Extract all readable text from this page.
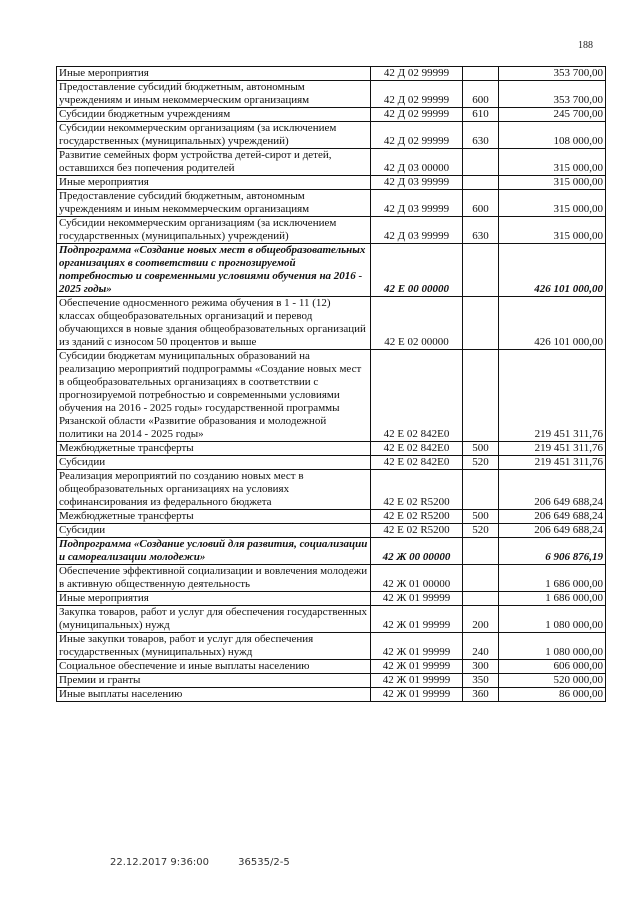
188
Иные мероприятия	42 Д 02 99999		353 700,00
Предоставление субсидий бюджетным, автономным учреждениям и иным некоммерческим организациям	42 Д 02 99999	600	353 700,00
Субсидии бюджетным учреждениям	42 Д 02 99999	610	245 700,00
Субсидии некоммерческим организациям (за исключением государственных (муниципальных) учреждений)	42 Д 02 99999	630	108 000,00
Развитие семейных форм устройства детей-сирот и детей, оставшихся без попечения родителей	42 Д 03 00000		315 000,00
Иные мероприятия	42 Д 03 99999		315 000,00
Предоставление субсидий бюджетным, автономным учреждениям и иным некоммерческим организациям	42 Д 03 99999	600	315 000,00
Субсидии некоммерческим организациям (за исключением государственных (муниципальных) учреждений)	42 Д 03 99999	630	315 000,00
Подпрограмма «Создание новых мест в общеобразовательных организациях в соответствии с прогнозируемой потребностью и современными условиями обучения на 2016 - 2025 годы»	42 Е 00 00000		426 101 000,00
Обеспечение односменного режима обучения в 1 - 11 (12) классах общеобразовательных организаций и перевод обучающихся в новые здания общеобразовательных организаций из зданий с износом 50 процентов и выше	42 Е 02 00000		426 101 000,00
Субсидии бюджетам муниципальных образований на реализацию мероприятий подпрограммы «Создание новых мест в общеобразовательных организациях в соответствии с прогнозируемой потребностью и современными условиями обучения на 2016 - 2025 годы» государственной программы Рязанской области «Развитие образования и молодежной политики на 2014 - 2025 годы»	42 Е 02 842Е0		219 451 311,76
Межбюджетные трансферты	42 Е 02 842Е0	500	219 451 311,76
Субсидии	42 Е 02 842Е0	520	219 451 311,76
Реализация мероприятий по созданию новых мест в общеобразовательных организациях на условиях софинансирования из федерального бюджета	42 Е 02 R5200		206 649 688,24
Межбюджетные трансферты	42 Е 02 R5200	500	206 649 688,24
Субсидии	42 Е 02 R5200	520	206 649 688,24
Подпрограмма «Создание условий для развития, социализации и самореализации молодежи»	42 Ж 00 00000		6 906 876,19
Обеспечение эффективной социализации и вовлечения молодежи в активную общественную деятельность	42 Ж 01 00000		1 686 000,00
Иные мероприятия	42 Ж 01 99999		1 686 000,00
Закупка товаров, работ и услуг для обеспечения государственных (муниципальных) нужд	42 Ж 01 99999	200	1 080 000,00
Иные закупки товаров, работ и услуг для обеспечения государственных (муниципальных) нужд	42 Ж 01 99999	240	1 080 000,00
Социальное обеспечение и иные выплаты населению	42 Ж 01 99999	300	606 000,00
Премии и гранты	42 Ж 01 99999	350	520 000,00
Иные выплаты населению	42 Ж 01 99999	360	86 000,00
22.12.2017 9:36:00	36535/2-5
